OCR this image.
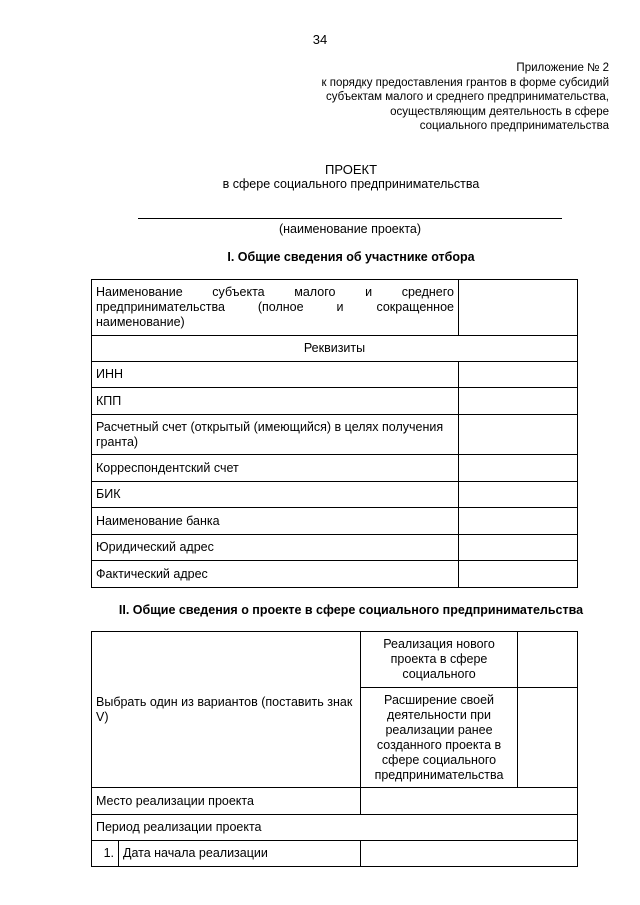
34
Приложение № 2
к порядку предоставления грантов в форме субсидий
субъектам малого и среднего предпринимательства,
осуществляющим деятельность в сфере
социального предпринимательства
ПРОЕКТ
в сфере социального предпринимательства
(наименование проекта)
I. Общие сведения об участнике отбора
Наименование субъекта малого и среднего предпринимательства (полное и сокращенное наименование)	
Реквизиты	
ИНН	
КПП	
Расчетный счет (открытый (имеющийся) в целях получения гранта)	
Корреспондентский счет	
БИК	
Наименование банка	
Юридический адрес	
Фактический адрес	
II. Общие сведения о проекте в сфере социального предпринимательства
Выбрать один из вариантов (поставить знак V)		Реализация нового проекта в сфере социального	
		Расширение своей деятельности при реализации ранее созданного проекта в сфере социального предпринимательства	
Место реализации проекта			
Период реализации проекта			
1.	Дата начала реализации		
